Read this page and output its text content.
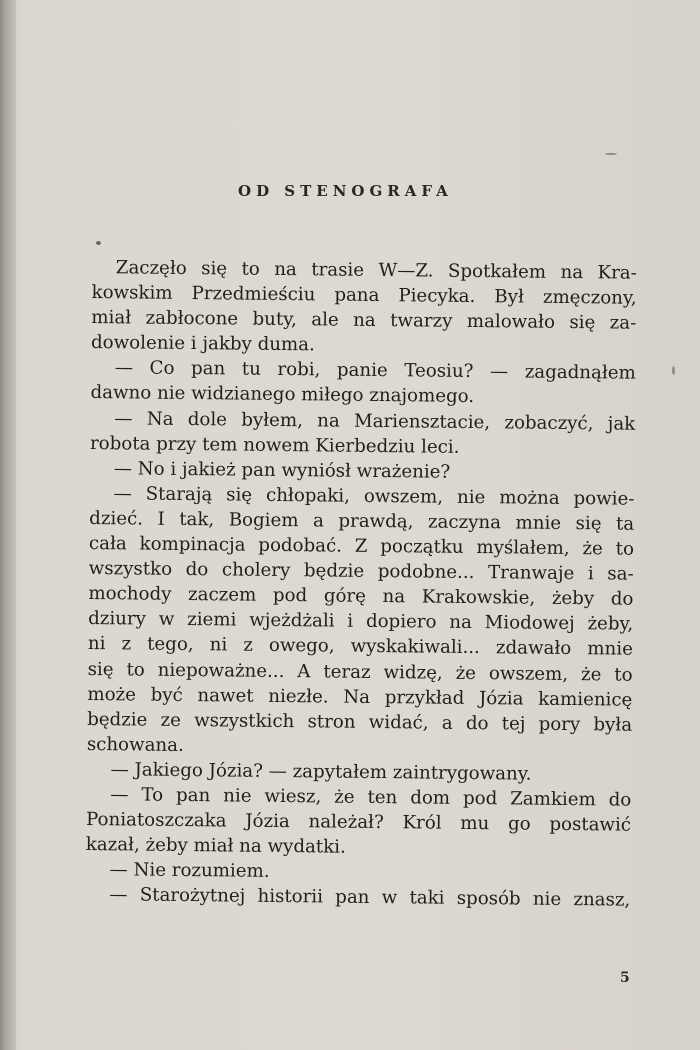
OD STENOGRAFA
Zaczęło się to na trasie W—Z. Spotkałem na Kra-
kowskim Przedmieściu pana Piecyka. Był zmęczony,
miał zabłocone buty, ale na twarzy malowało się za-
dowolenie i jakby duma.
— Co pan tu robi, panie Teosiu? — zagadnąłem
dawno nie widzianego miłego znajomego.
— Na dole byłem, na Mariensztacie, zobaczyć, jak
robota przy tem nowem Kierbedziu leci.
— No i jakież pan wyniósł wrażenie?
— Starają się chłopaki, owszem, nie można powie-
dzieć. I tak, Bogiem a prawdą, zaczyna mnie się ta
cała kompinacja podobać. Z początku myślałem, że to
wszystko do cholery będzie podobne... Tranwaje i sa-
mochody zaczem pod górę na Krakowskie, żeby do
dziury w ziemi wjeżdżali i dopiero na Miodowej żeby,
ni z tego, ni z owego, wyskakiwali... zdawało mnie
się to niepoważne... A teraz widzę, że owszem, że to
może być nawet niezłe. Na przykład Józia kamienicę
będzie ze wszystkich stron widać, a do tej pory była
schowana.
— Jakiego Józia? — zapytałem zaintrygowany.
— To pan nie wiesz, że ten dom pod Zamkiem do
Poniatoszczaka Józia należał? Król mu go postawić
kazał, żeby miał na wydatki.
— Nie rozumiem.
— Starożytnej historii pan w taki sposób nie znasz,
5
